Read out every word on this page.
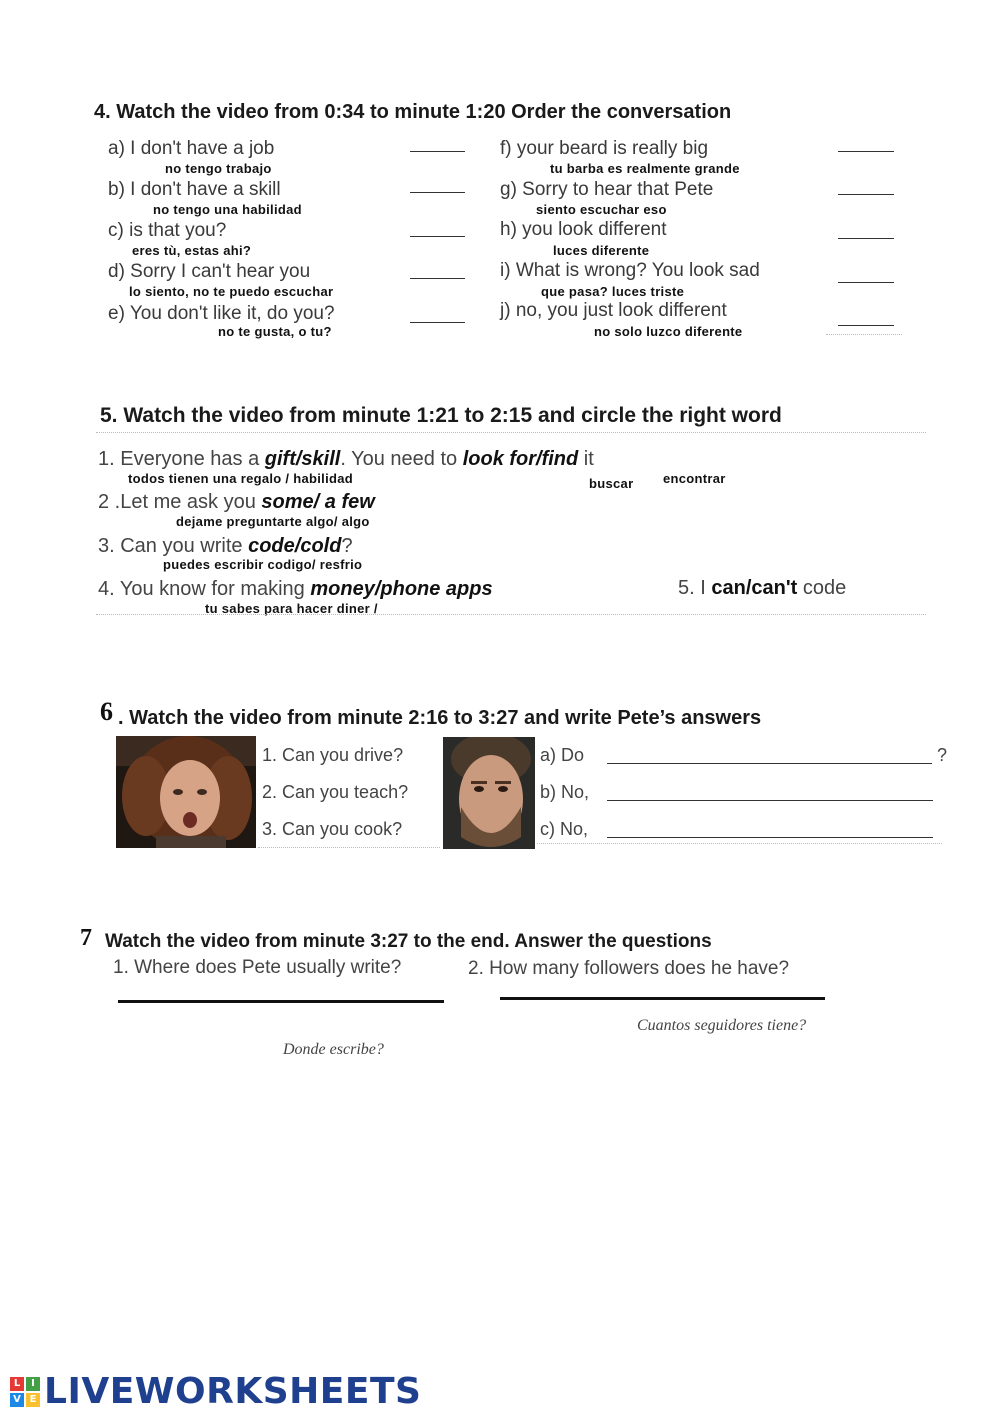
4. Watch the video from 0:34 to minute 1:20 Order the conversation
a) I don't have a job
no tengo trabajo
b) I don't have a skill
no tengo una habilidad
c) is that you?
eres tù, estas ahi?
d) Sorry I can't hear you
lo siento, no te puedo escuchar
e) You don't like it, do you?
no te gusta, o tu?
f) your beard is really big
tu barba es realmente grande
g) Sorry to hear that Pete
siento escuchar eso
h) you look different
luces diferente
i) What is wrong? You look sad
que pasa? luces triste
j) no, you just look different
no solo luzco diferente
5. Watch the video from minute 1:21 to 2:15 and circle the right word
1. Everyone has a gift/skill. You need to look for/find it
todos tienen una regalo / habilidad	buscar encontrar
2 .Let me ask you some/ a few
dejame preguntarte algo/ algo
3. Can you write code/cold?
puedes escribir codigo/ resfrio
4. You know for making money/phone apps
tu sabes para hacer diner /
5. I can/can't code
6 . Watch the video from minute 2:16 to 3:27 and write Pete’s answers
1. Can you drive?
2. Can you teach?
3. Can you cook?
a) Do	?
b) No,
c) No,
7 Watch the video from minute 3:27 to the end. Answer the questions
1. Where does Pete usually write?	2. How many followers does he have?
Cuantos seguidores tiene?
Donde escribe?
L	I
V E LIVEWORKSHEETS
